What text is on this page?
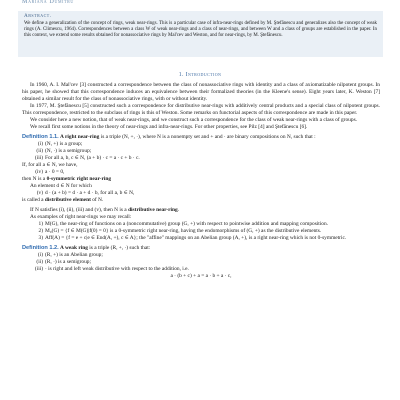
Mariana Dumitru
Abstract.

We define a generalization of the concept of rings, weak near-rings. This is a particular case of infra-near-rings defined by M. Ştefănescu and generalizes also the concept of weak rings (A. Climescu, 1964). Correspondences between a class W of weak near-rings and a class of near-rings, and between W and a class of groups are established in the paper. In this context, we extend some results obtained for nonassociative rings by Mal'cev and Weston, and for near-rings, by M. Ştefănescu.

1. Introduction

In 1960, A. I. Mal'cev [3] constructed a correspondence between the class of nonassociative rings with identity and a class of axiomatizable nilpotent groups. In his paper, he showed that this correspondence induces an equivalence between their formalized theories (in the Kleene's sense). Eight years later, K. Weston [7] obtained a similar result for the class of nonassociative rings, with or without identity.

In 1977, M. Ştefănescu [5] constructed such a correspondence for distributive near-rings with additively central products and a special class of nilpotent groups. This correspondence, restricted to the subclass of rings is this of Weston. Some remarks on functorial aspects of this correspondence are made in this paper.

We consider here a new notion, that of weak near-rings, and we construct such a correspondence for the class of weak near-rings with a class of groups.

We recall first some notions in the theory of near-rings and infra-near-rings. For other properties, see Pilz [4] and Ştefănescu [6].

Definition 1.1. A right near-ring is a triple (N, +, ·), where N is a nonempty set and + and · are binary compositions on N, such that :

(i) (N, +) is a group;
(ii) (N, ·) is a semigroup;
(iii) For all a, b, c ∈ N, (a + b) · c = a · c + b · c.

If, for all a ∈ N, we have,

(iv) a · 0 = 0,

then N is a 0-symmetric right near-ring

An element d ∈ N for which

(v) d · (a + b) = d · a + d · b, for all a, b ∈ N,

is called a distributive element of N.

If N satisfies (i), (ii), (iii) and (v), then N is a distributive near-ring.

As examples of right near-rings we may recall:

1) M(G), the near-ring of functions on a (noncommutative) group (G, +) with respect to pointwise addition and mapping composition.
2) M₀(G) = {f ∈ M(G)|f(0) = 0} is a 0-symmetric right near-ring, having the endomorphisms of (G, +) as the distributive elements.
3) Aff(A) = {f = e + c|e ∈ End(A, +), c ∈ A}; the "affine" mappings on an Abelian group (A, +), is a right near-ring which is not 0-symmetric.

Definition 1.2. A weak ring is a triple (R, +, ·) such that:

(i) (R, +) is an Abelian group;
(ii) (R, ·) is a semigroup;
(iii) · is right and left weak distributive with respect to the addition, i.e.

a · (b + c) + a = a · b + a · c,
